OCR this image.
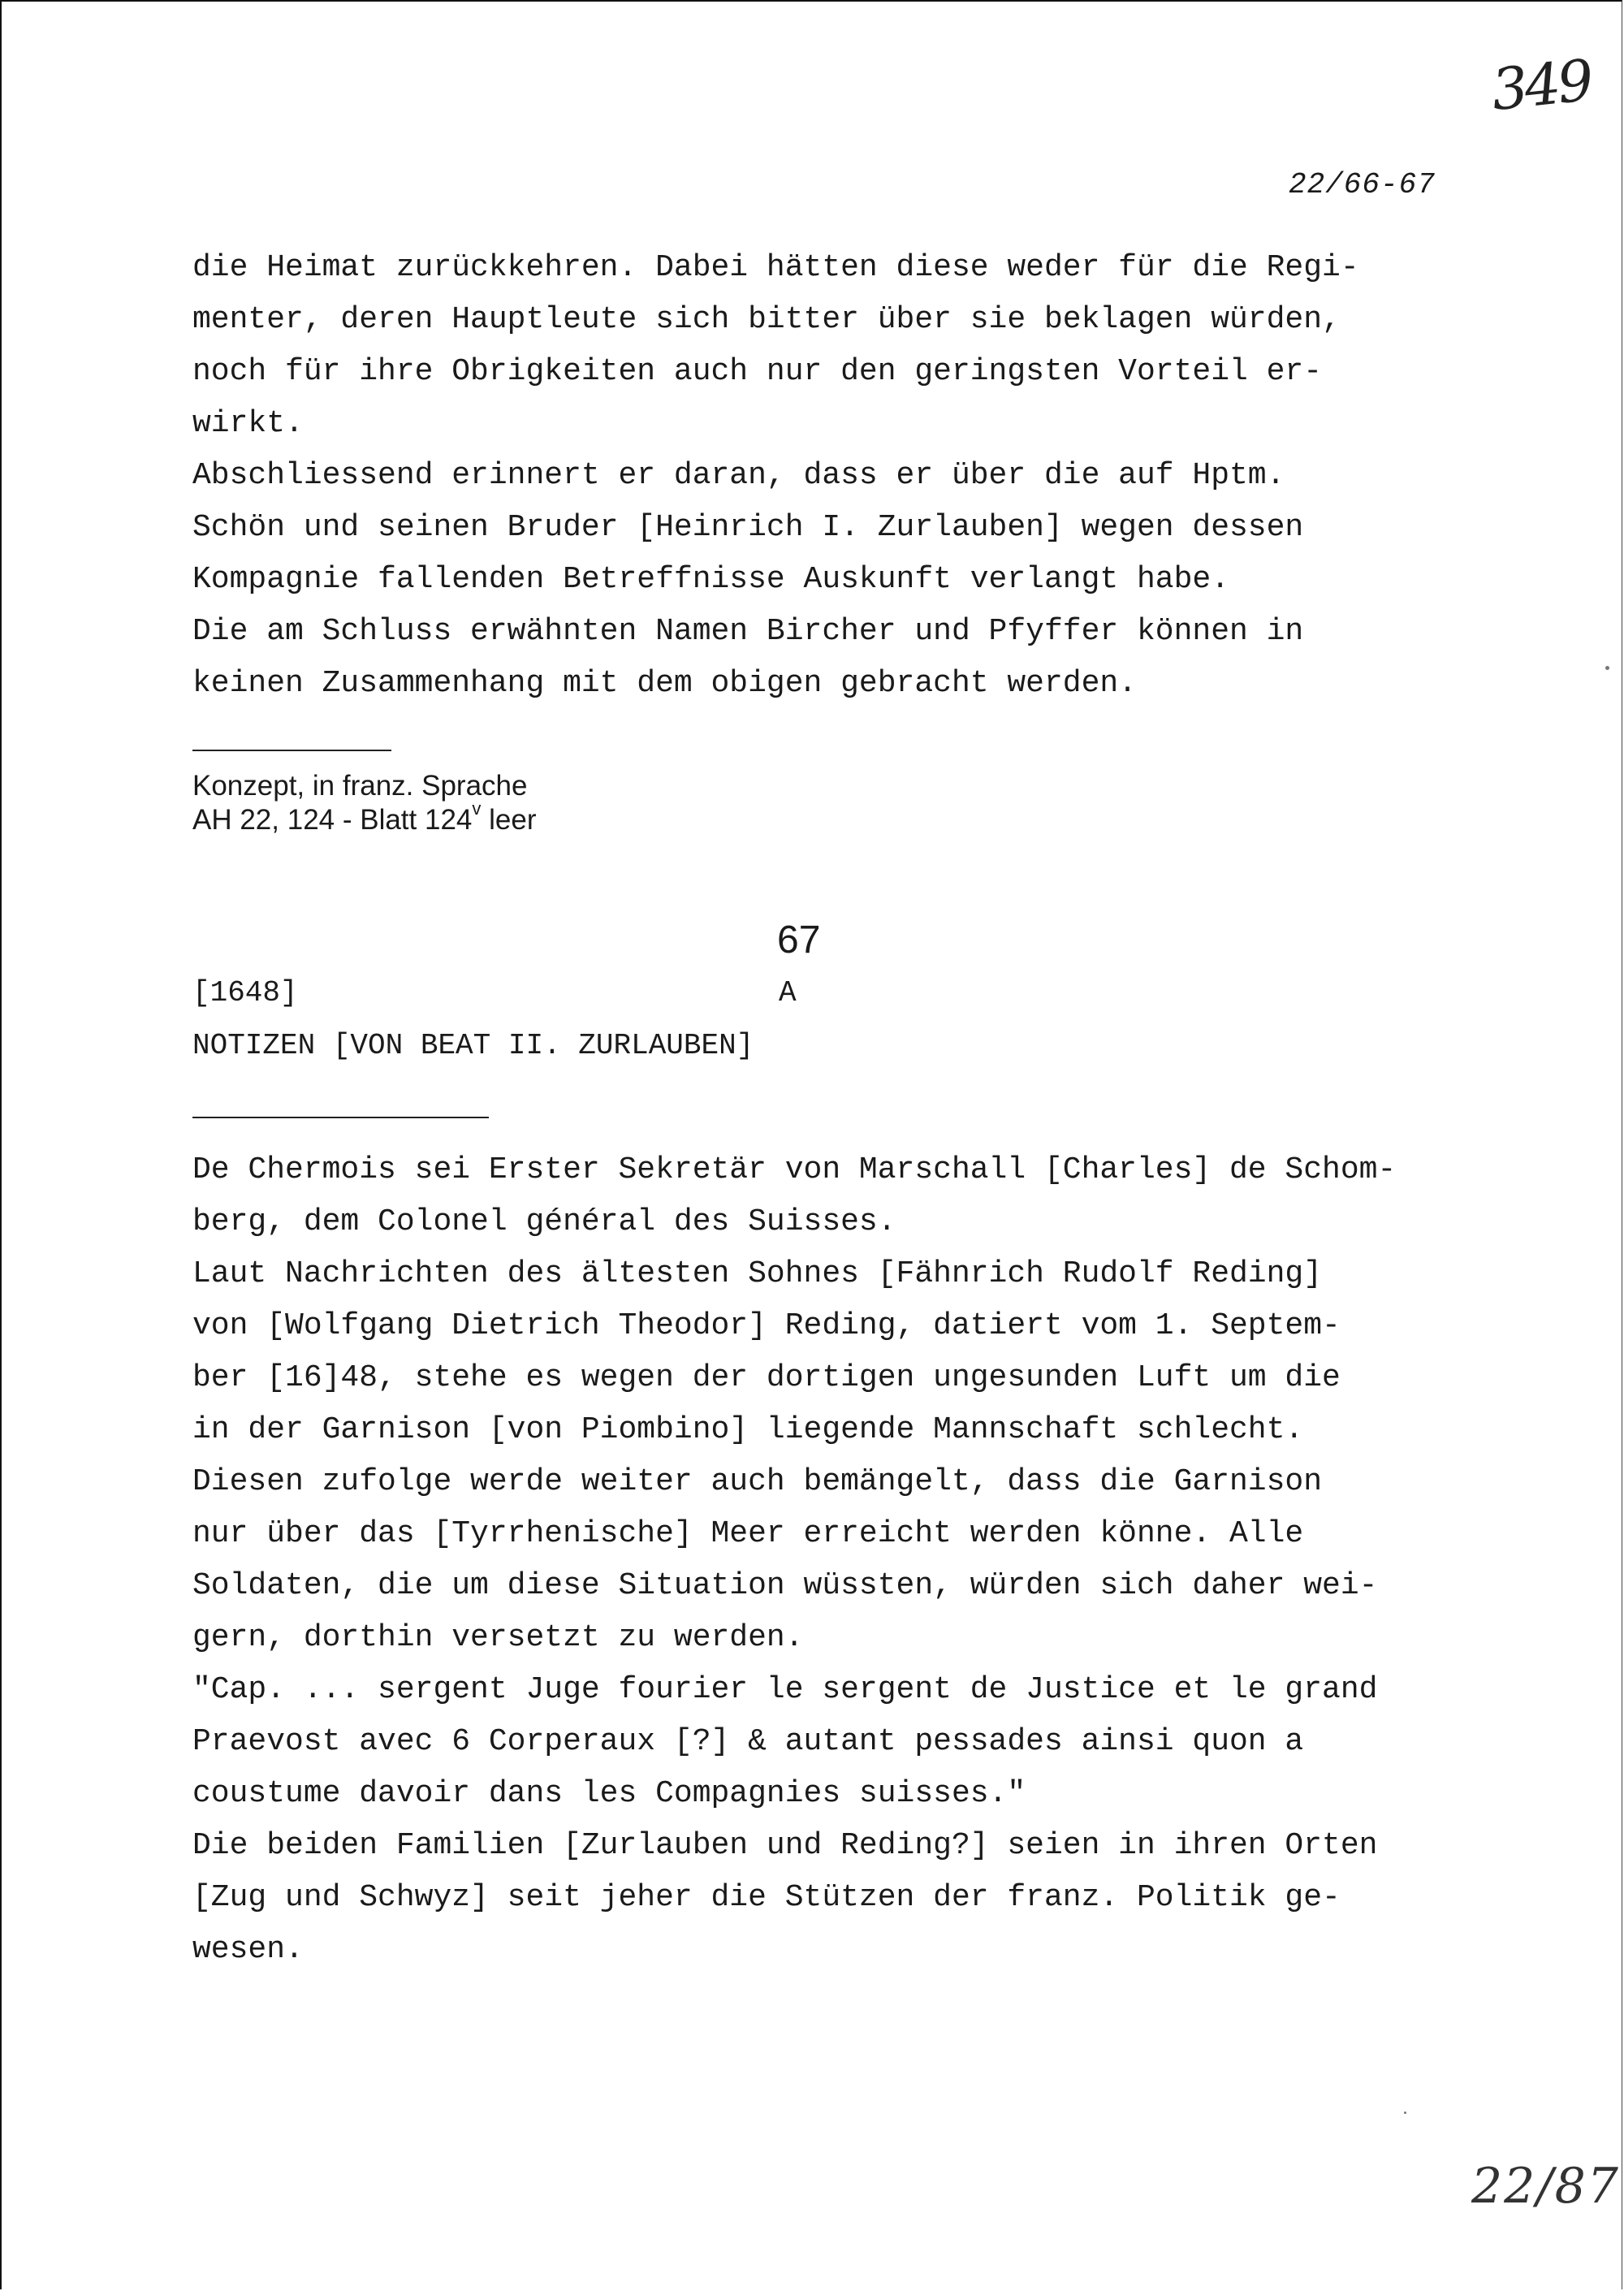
349
22/66-67
die Heimat zurückkehren. Dabei hätten diese weder für die Regi-
menter, deren Hauptleute sich bitter über sie beklagen würden,
noch für ihre Obrigkeiten auch nur den geringsten Vorteil er-
wirkt.
Abschliessend erinnert er daran, dass er über die auf Hptm.
Schön und seinen Bruder [Heinrich I. Zurlauben] wegen dessen
Kompagnie fallenden Betreffnisse Auskunft verlangt habe.
Die am Schluss erwähnten Namen Bircher und Pfyffer können in
keinen Zusammenhang mit dem obigen gebracht werden.
Konzept, in franz. Sprache
AH 22, 124 - Blatt 124$^v$ leer
67
[1648]	A
NOTIZEN [VON BEAT II. ZURLAUBEN]
De Chermois sei Erster Sekretär von Marschall [Charles] de Schom-
berg, dem Colonel général des Suisses.
Laut Nachrichten des ältesten Sohnes [Fähnrich Rudolf Reding]
von [Wolfgang Dietrich Theodor] Reding, datiert vom 1. Septem-
ber [16]48, stehe es wegen der dortigen ungesunden Luft um die
in der Garnison [von Piombino] liegende Mannschaft schlecht.
Diesen zufolge werde weiter auch bemängelt, dass die Garnison
nur über das [Tyrrhenische] Meer erreicht werden könne. Alle
Soldaten, die um diese Situation wüssten, würden sich daher wei-
gern, dorthin versetzt zu werden.
"Cap. ... sergent Juge fourier le sergent de Justice et le grand
Praevost avec 6 Corperaux [?] & autant pessades ainsi quon a
coustume davoir dans les Compagnies suisses."
Die beiden Familien [Zurlauben und Reding?] seien in ihren Orten
[Zug und Schwyz] seit jeher die Stützen der franz. Politik ge-
wesen.
22/87
